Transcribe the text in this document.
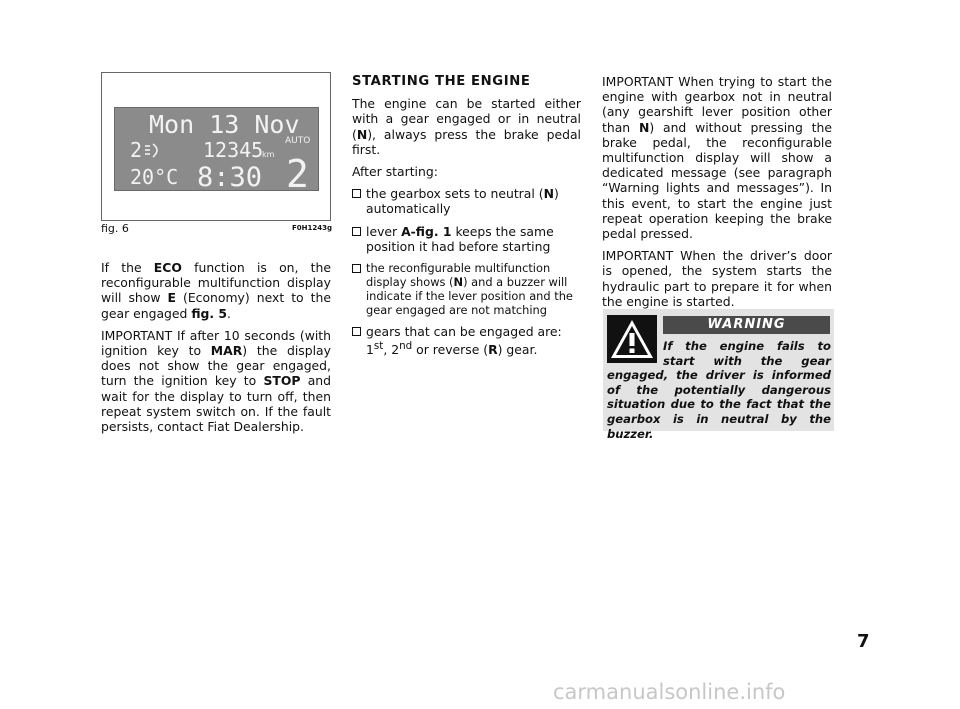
Mon 13 Nov
2	12345
km
AUTO
20°C 8:30 2
fig. 6	F0H1243g

If the ECO function is on, the reconfigurable multifunction display will show E (Economy) next to the gear engaged fig. 5.

IMPORTANT If after 10 seconds (with ignition key to MAR) the display does not show the gear engaged, turn the ignition key to STOP and wait for the display to turn off, then repeat system switch on. If the fault persists, contact Fiat Dealership.

STARTING THE ENGINE

The engine can be started either with a gear engaged or in neutral (N), always press the brake pedal first.

After starting:

the gearbox sets to neutral (N) automatically
lever A-fig. 1 keeps the same position it had before starting
the reconfigurable multifunction display shows (N) and a buzzer will indicate if the lever position and the gear engaged are not matching
gears that can be engaged are: 1st, 2nd or reverse (R) gear.

IMPORTANT When trying to start the engine with gearbox not in neutral (any gearshift lever position other than N) and without pressing the brake pedal, the reconfigurable multifunction display will show a dedicated message (see paragraph “Warning lights and messages”). In this event, to start the engine just repeat operation keeping the brake pedal pressed.

IMPORTANT When the driver’s door is opened, the system starts the hydraulic part to prepare it for when the engine is started.

WARNING
If the engine fails to start with the gear engaged, the driver is informed of the potentially dangerous situation due to the fact that the gearbox is in neutral by the buzzer.
7
carmanualsonline.info
